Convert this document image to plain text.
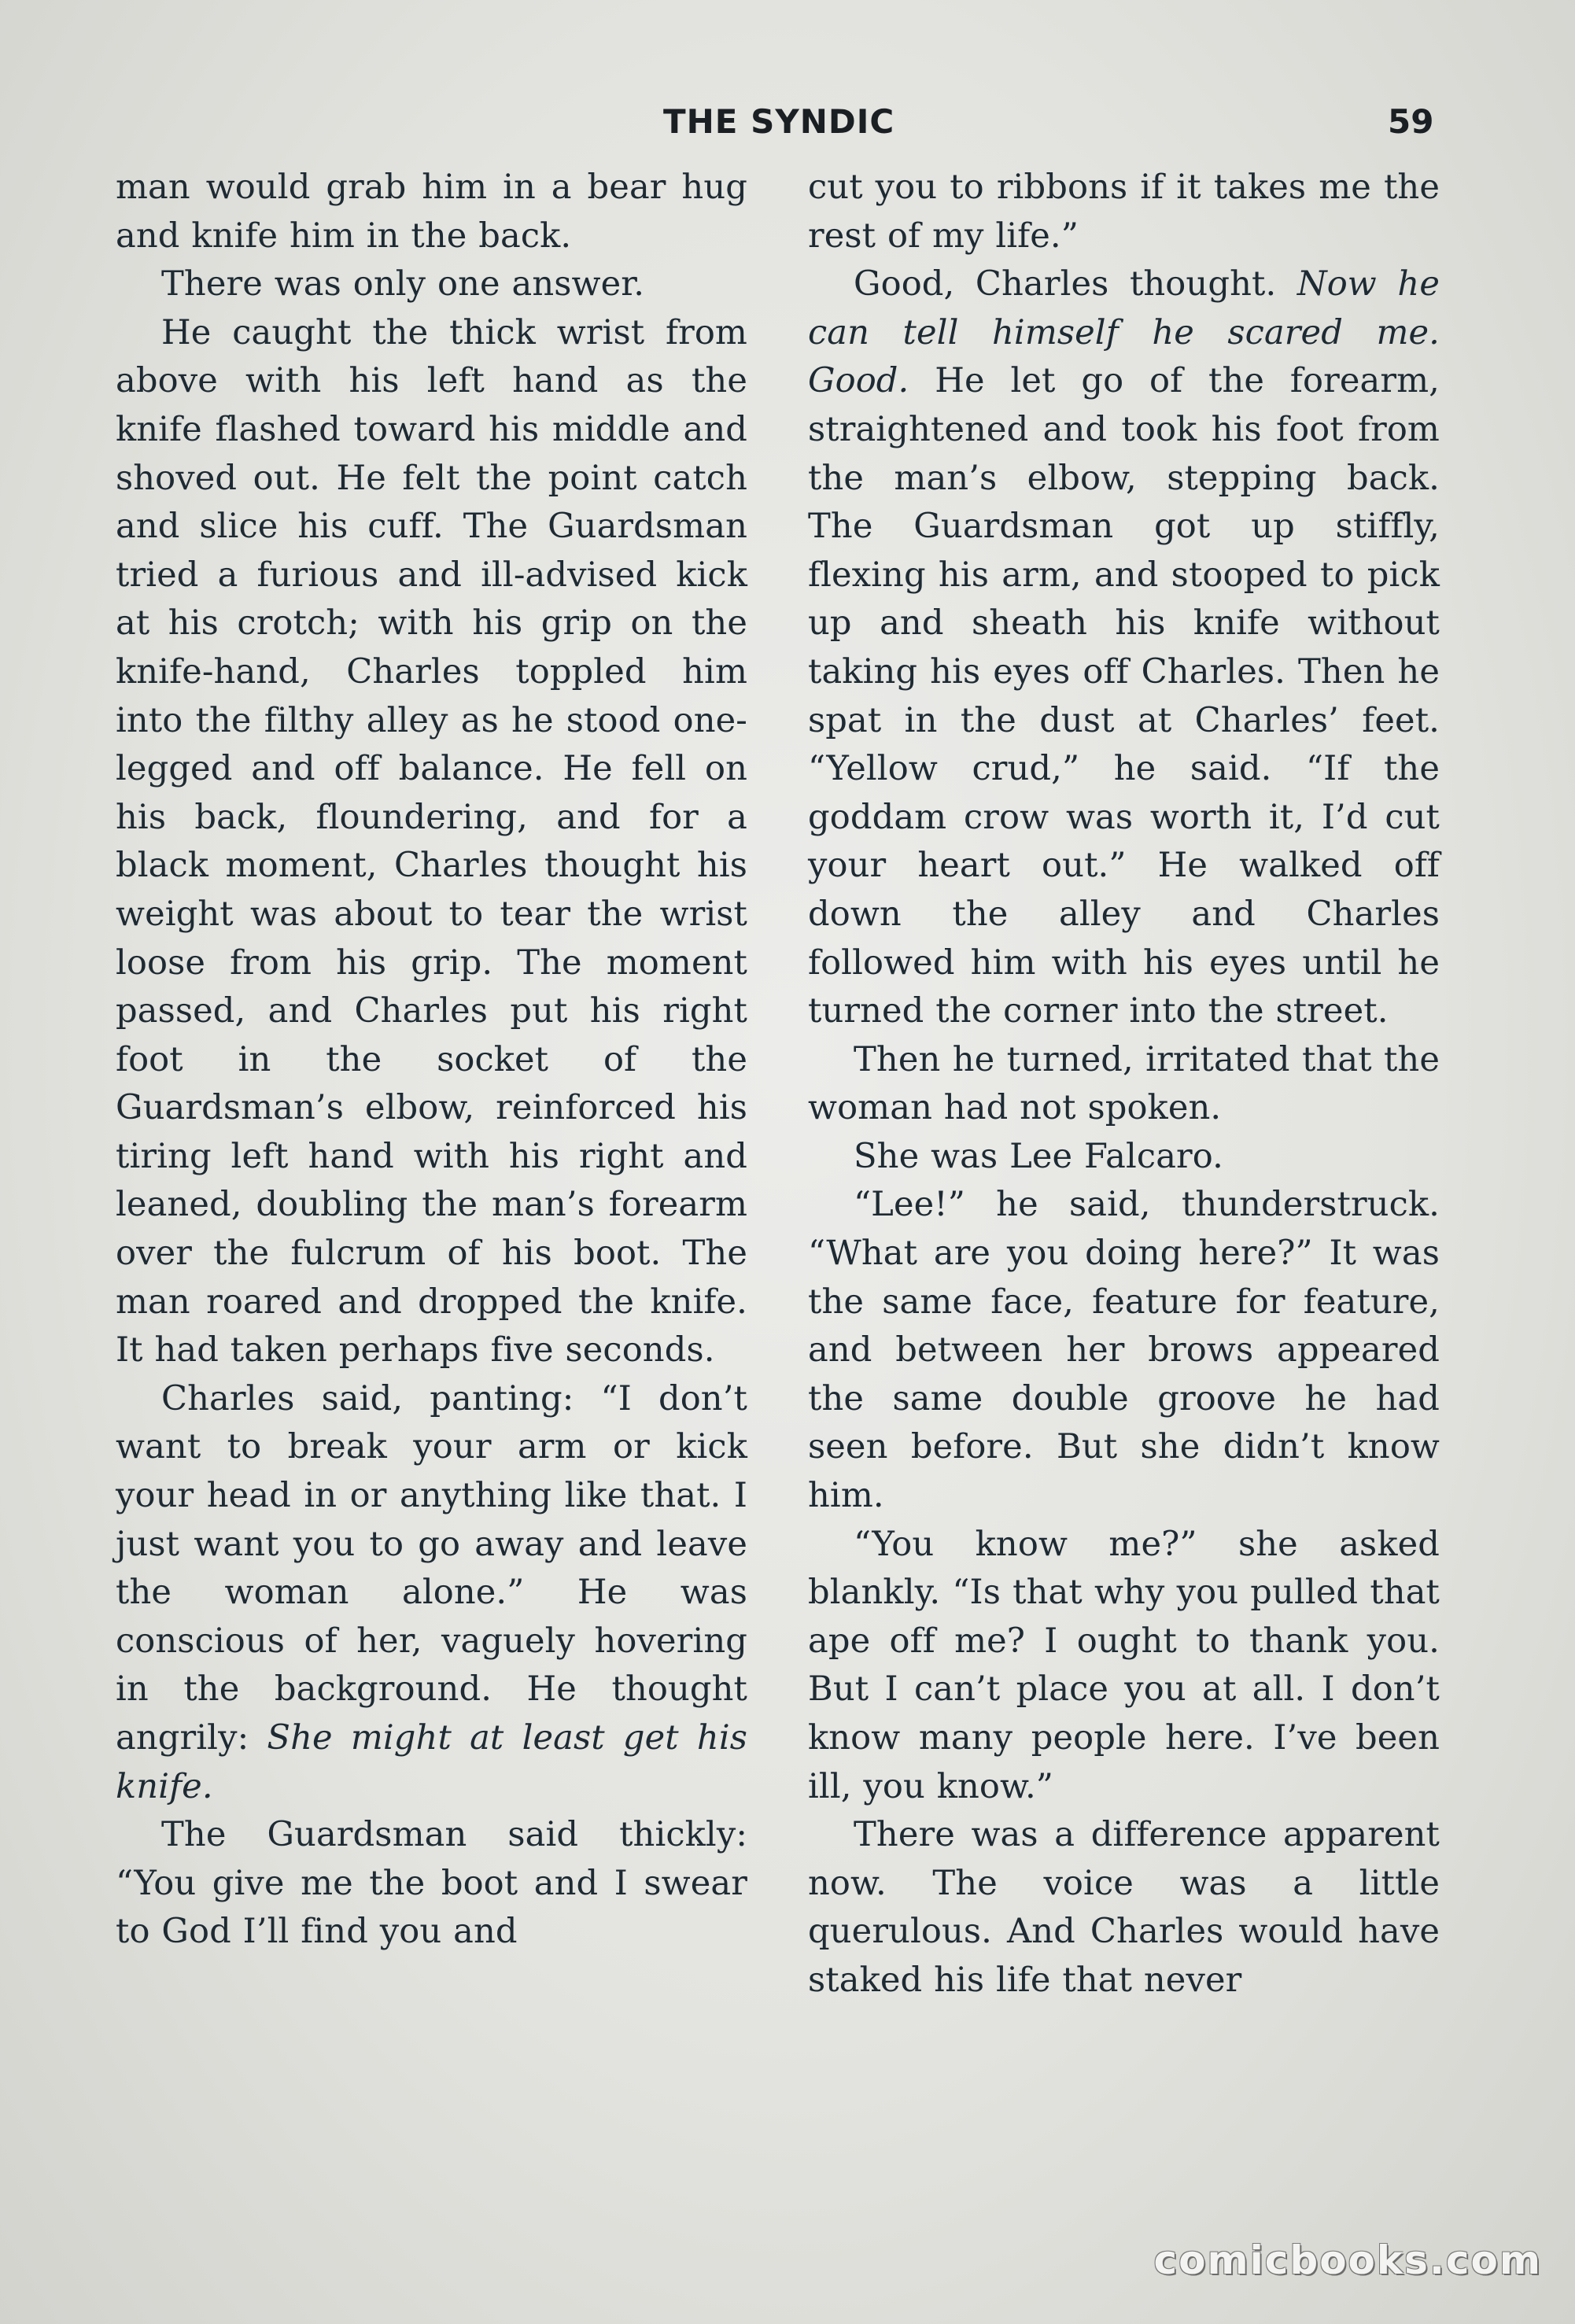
THE SYNDIC	59

man would grab him in a bear hug and knife him in the back.

There was only one answer.

He caught the thick wrist from above with his left hand as the knife flashed toward his middle and shoved out. He felt the point catch and slice his cuff. The Guardsman tried a furious and ill-advised kick at his crotch; with his grip on the knife-hand, Charles toppled him into the filthy alley as he stood one-legged and off balance. He fell on his back, floundering, and for a black moment, Charles thought his weight was about to tear the wrist loose from his grip. The moment passed, and Charles put his right foot in the socket of the Guardsman’s elbow, reinforced his tiring left hand with his right and leaned, doubling the man’s forearm over the fulcrum of his boot. The man roared and dropped the knife. It had taken perhaps five seconds.

Charles said, panting: “I don’t want to break your arm or kick your head in or anything like that. I just want you to go away and leave the woman alone.” He was conscious of her, vaguely hovering in the background. He thought angrily: She might at least get his knife.

The Guardsman said thickly: “You give me the boot and I swear to God I’ll find you and

cut you to ribbons if it takes me the rest of my life.”

Good, Charles thought. Now he can tell himself he scared me. Good. He let go of the forearm, straightened and took his foot from the man’s elbow, stepping back. The Guardsman got up stiffly, flexing his arm, and stooped to pick up and sheath his knife without taking his eyes off Charles. Then he spat in the dust at Charles’ feet. “Yellow crud,” he said. “If the goddam crow was worth it, I’d cut your heart out.” He walked off down the alley and Charles followed him with his eyes until he turned the corner into the street.

Then he turned, irritated that the woman had not spoken.

She was Lee Falcaro.

“Lee!” he said, thunderstruck. “What are you doing here?” It was the same face, feature for feature, and between her brows appeared the same double groove he had seen before. But she didn’t know him.

“You know me?” she asked blankly. “Is that why you pulled that ape off me? I ought to thank you. But I can’t place you at all. I don’t know many people here. I’ve been ill, you know.”

There was a difference apparent now. The voice was a little querulous. And Charles would have staked his life that never

comicbooks.com
